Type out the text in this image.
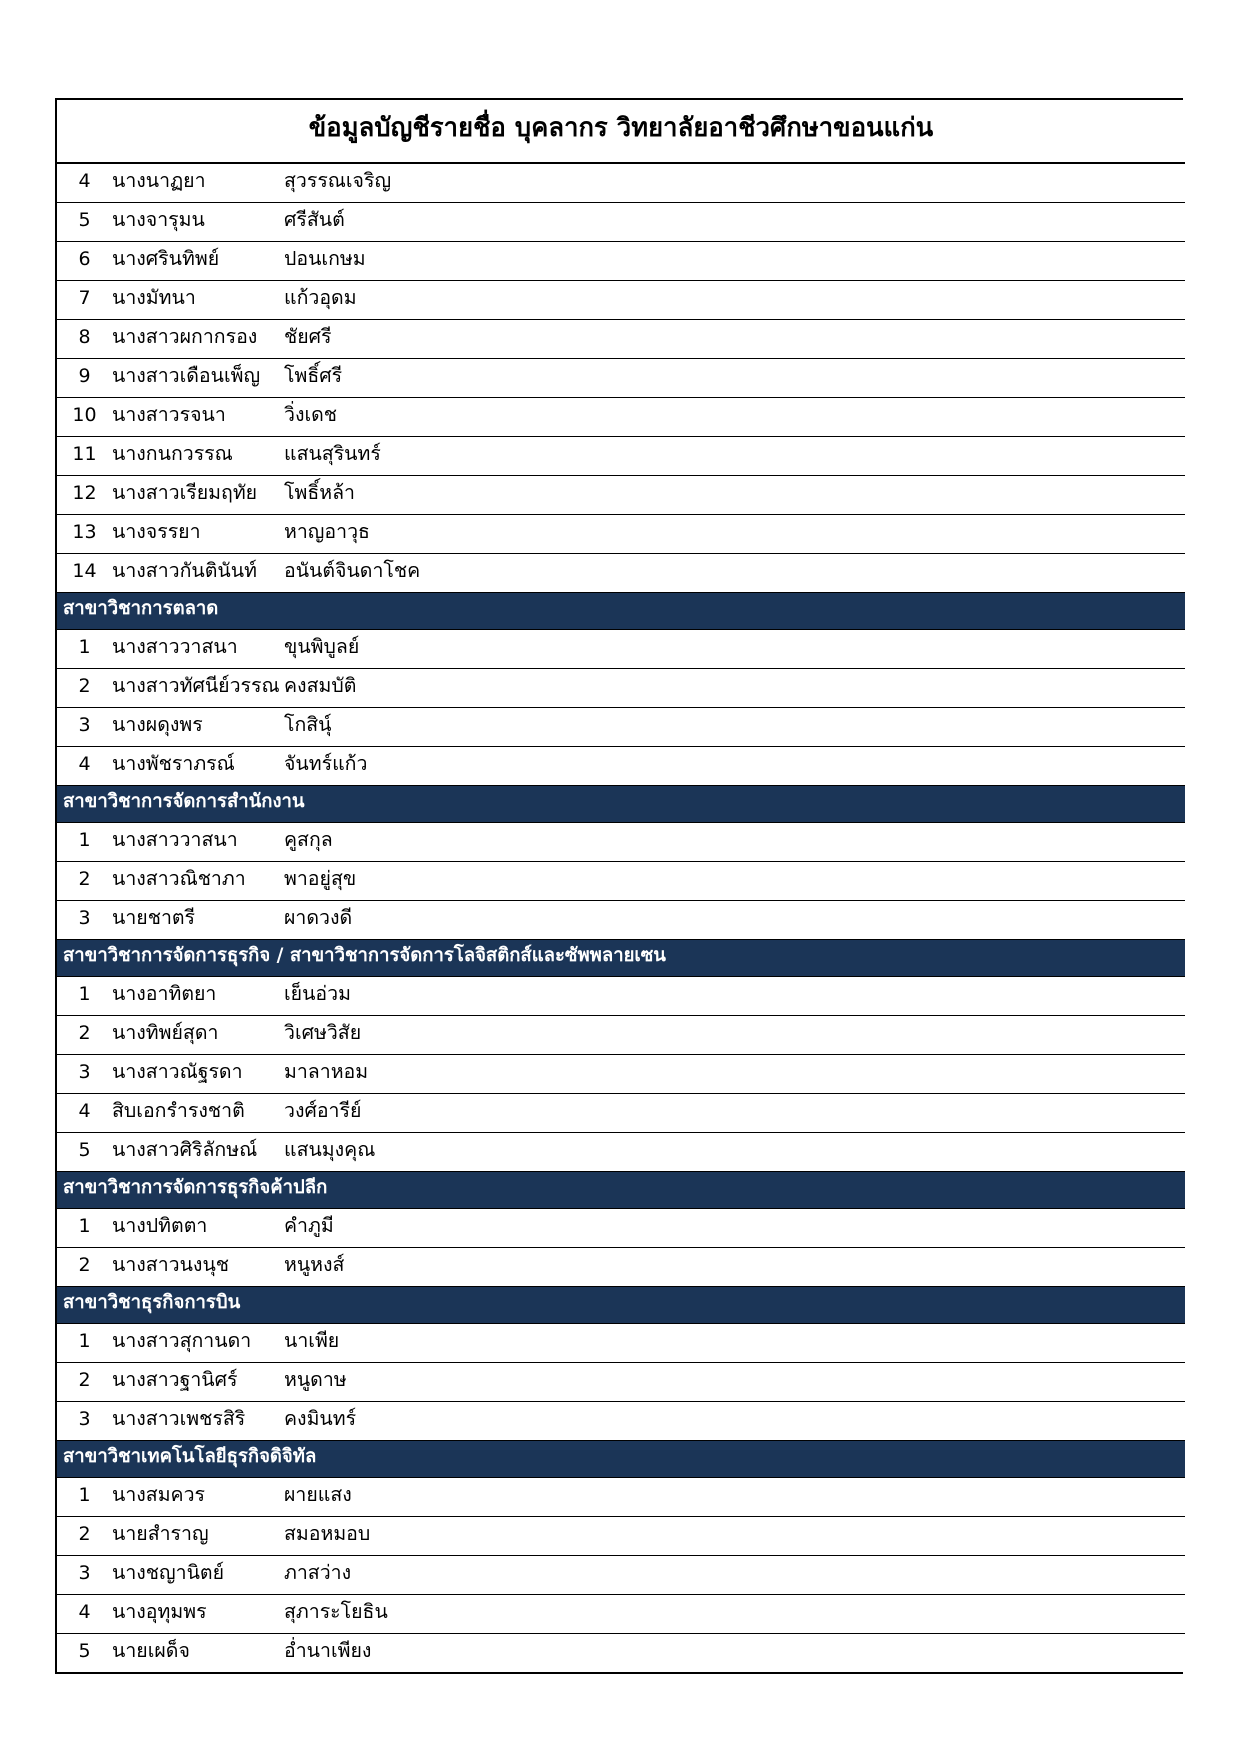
ข้อมูลบัญชีรายชื่อ บุคลากร วิทยาลัยอาชีวศึกษาขอนแก่น		
4	นางนาฏยา	สุวรรณเจริญ
5	นางจารุมน	ศรีสันต์
6	นางศรินทิพย์	ปอนเกษม
7	นางมัทนา	แก้วอุดม
8	นางสาวผกากรอง	ชัยศรี
9	นางสาวเดือนเพ็ญ	โพธิ์ศรี
10	นางสาวรจนา	วิ่งเดช
11	นางกนกวรรณ	แสนสุรินทร์
12	นางสาวเรียมฤทัย	โพธิ์หล้า
13	นางจรรยา	หาญอาวุธ
14	นางสาวกันตินันท์	อนันต์จินดาโชค
สาขาวิชาการตลาด		
1	นางสาววาสนา	ขุนพิบูลย์
2	นางสาวทัศนีย์วรรณ	คงสมบัติ
3	นางผดุงพร	โกสินุ์
4	นางพัชราภรณ์	จันทร์แก้ว
สาขาวิชาการจัดการสำนักงาน		
1	นางสาววาสนา	คูสกุล
2	นางสาวณิชาภา	พาอยู่สุข
3	นายชาตรี	ผาดวงดี
สาขาวิชาการจัดการธุรกิจ / สาขาวิชาการจัดการโลจิสติกส์และซัพพลายเซน		
1	นางอาทิตยา	เย็นอ่วม
2	นางทิพย์สุดา	วิเศษวิสัย
3	นางสาวณัฐรดา	มาลาหอม
4	สิบเอกรำรงชาติ	วงศ์อารีย์
5	นางสาวศิริลักษณ์	แสนมุงคุณ
สาขาวิชาการจัดการธุรกิจค้าปลีก		
1	นางปทิตตา	คำภูมี
2	นางสาวนงนุช	หนูหงส์
สาขาวิชาธุรกิจการบิน		
1	นางสาวสุกานดา	นาเพีย
2	นางสาวฐานิศร์	หนูดาษ
3	นางสาวเพชรสิริ	คงมินทร์
สาขาวิชาเทคโนโลยีธุรกิจดิจิทัล		
1	นางสมควร	ผายแสง
2	นายสำราญ	สมอหมอบ
3	นางชญานิตย์	ภาสว่าง
4	นางอุทุมพร	สุภาระโยธิน
5	นายเผด็จ	อ่ำนาเพียง
